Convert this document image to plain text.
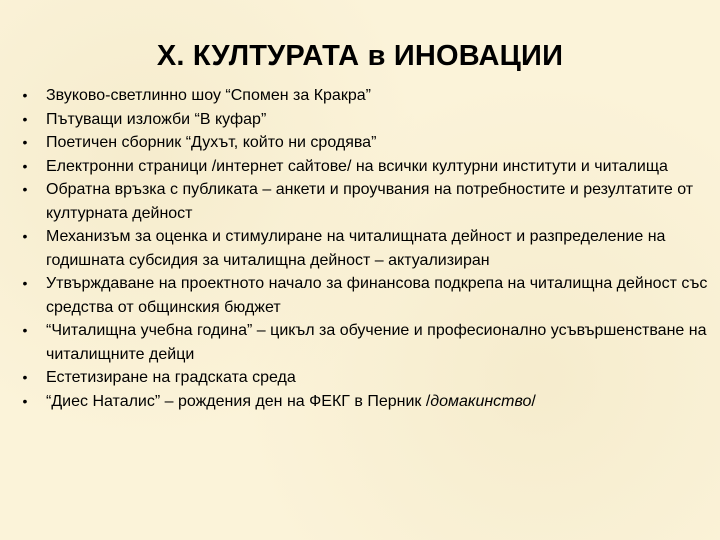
X. КУЛТУРАТА в ИНОВАЦИИ
• Звуково-светлинно шоу “Спомен за Кракра”
• Пътуващи изложби “В куфар”
• Поетичен сборник “Духът, който ни сродява”
• Електронни страници /интернет сайтове/ на всички културни институти и читалища
• Обратна връзка с публиката – анкети и проучвания на потребностите и резултатите от културната дейност
• Механизъм за оценка и стимулиране на читалищната дейност и разпределение на годишната субсидия за читалищна дейност – актуализиран
• Утвърждаване на проектното начало за финансова подкрепа на читалищна дейност със средства от общинския бюджет
• “Читалищна учебна година” – цикъл за обучение и професионално усъвършенстване на читалищните дейци
• Естетизиране на градската среда
• “Диес Наталис” – рождения ден на ФЕКГ в Перник /домакинство/
